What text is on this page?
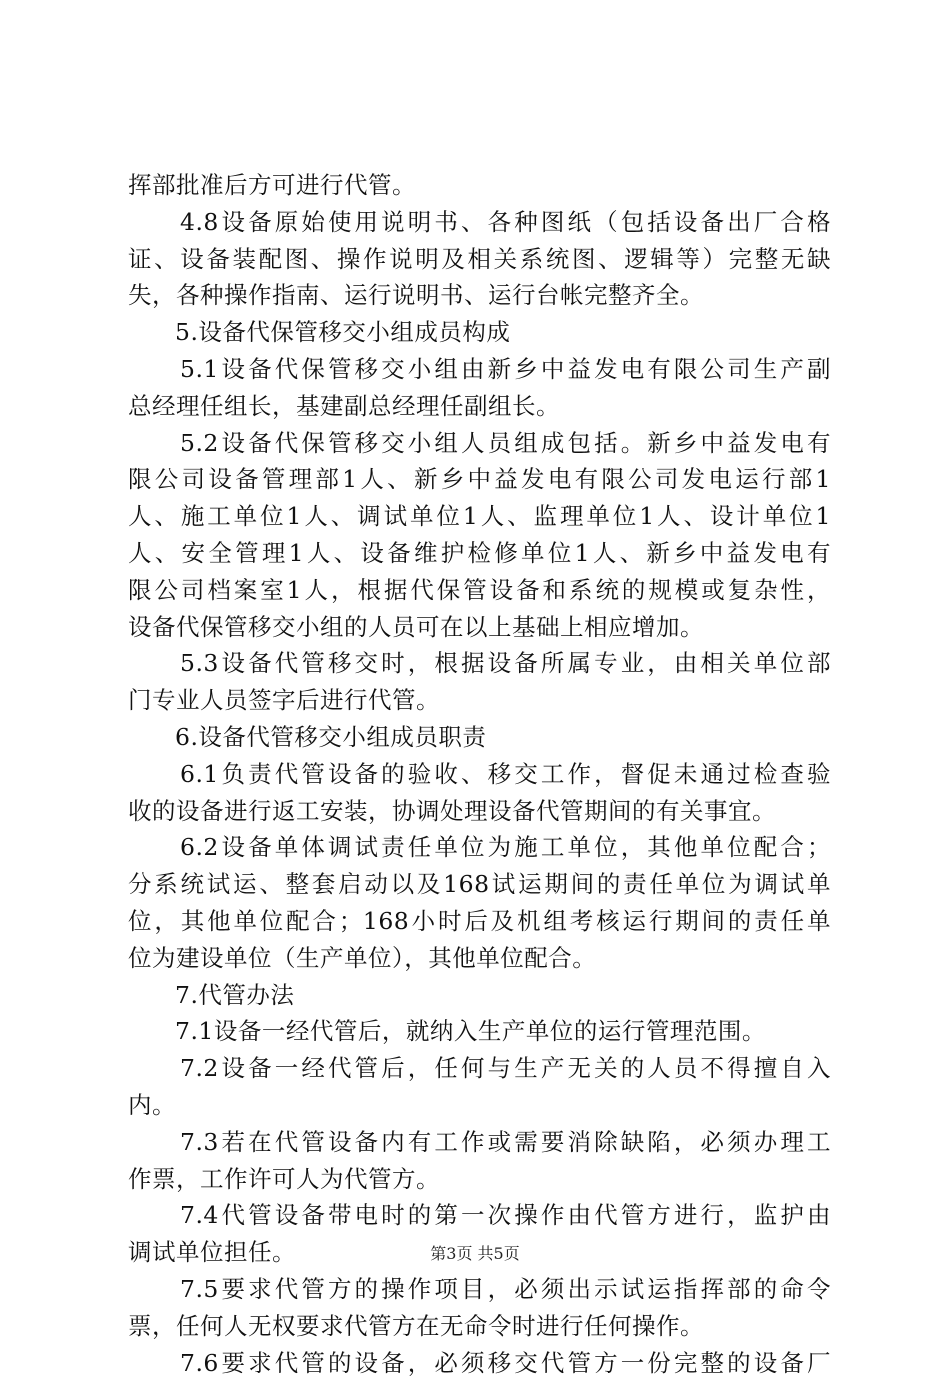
挥部批准后方可进行代管。
4.8设备原始使用说明书、各种图纸（包括设备出厂合格
证、设备装配图、操作说明及相关系统图、逻辑等）完整无缺
失，各种操作指南、运行说明书、运行台帐完整齐全。
5.设备代保管移交小组成员构成
5.1设备代保管移交小组由新乡中益发电有限公司生产副
总经理任组长，基建副总经理任副组长。
5.2设备代保管移交小组人员组成包括。新乡中益发电有
限公司设备管理部1人、新乡中益发电有限公司发电运行部1
人、施工单位1人、调试单位1人、监理单位1人、设计单位1
人、安全管理1人、设备维护检修单位1人、新乡中益发电有
限公司档案室1人，根据代保管设备和系统的规模或复杂性，
设备代保管移交小组的人员可在以上基础上相应增加。
5.3设备代管移交时，根据设备所属专业，由相关单位部
门专业人员签字后进行代管。
6.设备代管移交小组成员职责
6.1负责代管设备的验收、移交工作，督促未通过检查验
收的设备进行返工安装，协调处理设备代管期间的有关事宜。
6.2设备单体调试责任单位为施工单位，其他单位配合；
分系统试运、整套启动以及168试运期间的责任单位为调试单
位，其他单位配合；168小时后及机组考核运行期间的责任单
位为建设单位（生产单位），其他单位配合。
7.代管办法
7.1设备一经代管后，就纳入生产单位的运行管理范围。
7.2设备一经代管后，任何与生产无关的人员不得擅自入
内。
7.3若在代管设备内有工作或需要消除缺陷，必须办理工
作票，工作许可人为代管方。
7.4代管设备带电时的第一次操作由代管方进行，监护由
调试单位担任。
7.5要求代管方的操作项目，必须出示试运指挥部的命令
票，任何人无权要求代管方在无命令时进行任何操作。
7.6要求代管的设备，必须移交代管方一份完整的设备厂
第3页 共5页
